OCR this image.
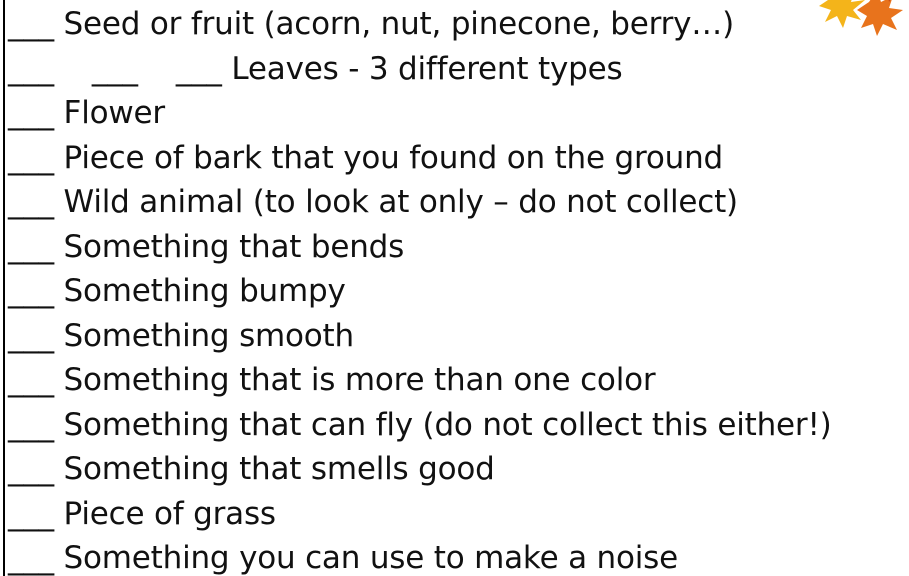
___ Seed or fruit (acorn, nut, pinecone, berry…)
___ ___ ___ Leaves - 3 different types
___ Flower
___ Piece of bark that you found on the ground
___ Wild animal (to look at only – do not collect)
___ Something that bends
___ Something bumpy
___ Something smooth
___ Something that is more than one color
___ Something that can fly (do not collect this either!)
___ Something that smells good
___ Piece of grass
___ Something you can use to make a noise
